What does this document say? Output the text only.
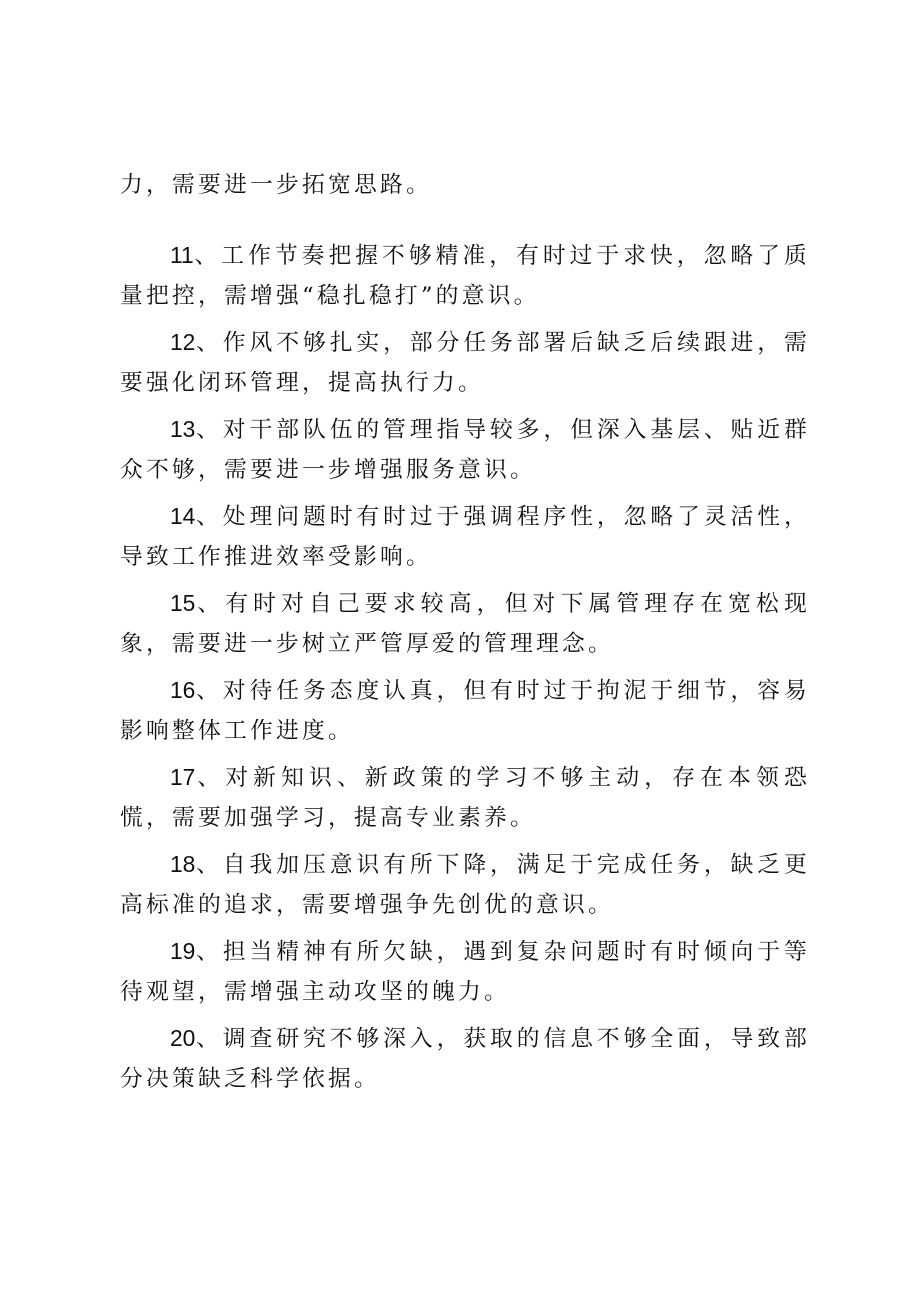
力，需要进一步拓宽思路。

11、工作节奏把握不够精准，有时过于求快，忽略了质量把控，需增强“稳扎稳打”的意识。
12、作风不够扎实，部分任务部署后缺乏后续跟进，需要强化闭环管理，提高执行力。
13、对干部队伍的管理指导较多，但深入基层、贴近群众不够，需要进一步增强服务意识。
14、处理问题时有时过于强调程序性，忽略了灵活性，导致工作推进效率受影响。
15、有时对自己要求较高，但对下属管理存在宽松现象，需要进一步树立严管厚爱的管理理念。
16、对待任务态度认真，但有时过于拘泥于细节，容易影响整体工作进度。
17、对新知识、新政策的学习不够主动，存在本领恐慌，需要加强学习，提高专业素养。
18、自我加压意识有所下降，满足于完成任务，缺乏更高标准的追求，需要增强争先创优的意识。
19、担当精神有所欠缺，遇到复杂问题时有时倾向于等待观望，需增强主动攻坚的魄力。
20、调查研究不够深入，获取的信息不够全面，导致部分决策缺乏科学依据。
